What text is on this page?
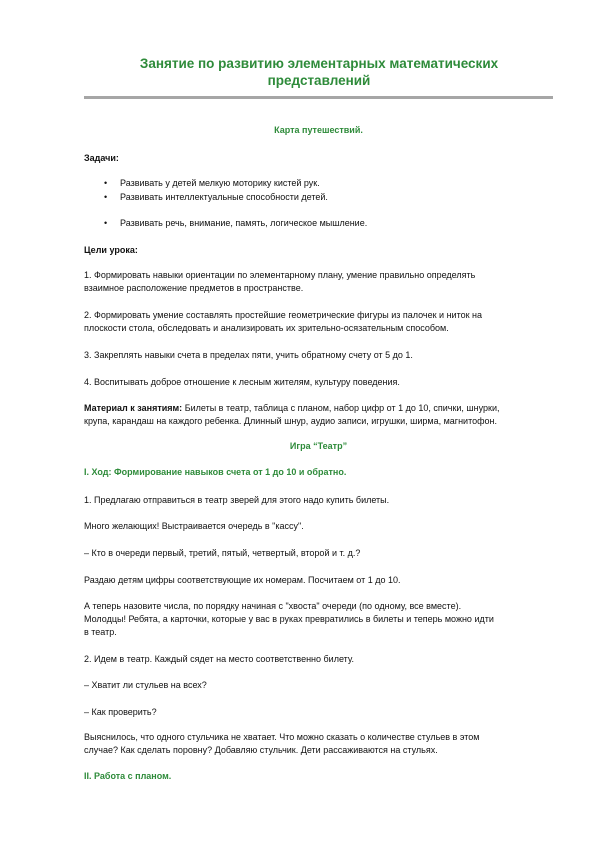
Занятие по развитию элементарных математических
представлений
Карта путешествий.
Задачи:
• Развивать у детей мелкую моторику кистей рук.
• Развивать интеллектуальные способности детей.
• Развивать речь, внимание, память, логическое мышление.
Цели урока:
1. Формировать навыки ориентации по элементарному плану, умение правильно определять
взаимное расположение предметов в пространстве.
2. Формировать умение составлять простейшие геометрические фигуры из палочек и ниток на
плоскости стола, обследовать и анализировать их зрительно-осязательным способом.
3. Закреплять навыки счета в пределах пяти, учить обратному счету от 5 до 1.
4. Воспитывать доброе отношение к лесным жителям, культуру поведения.
Материал к занятиям: Билеты в театр, таблица с планом, набор цифр от 1 до 10, спички, шнурки,
крупа, карандаш на каждого ребенка. Длинный шнур, аудио записи, игрушки, ширма, магнитофон.
Игра “Театр”
I. Ход: Формирование навыков счета от 1 до 10 и обратно.
1. Предлагаю отправиться в театр зверей для этого надо купить билеты.
Много желающих! Выстраивается очередь в "кассу".
– Кто в очереди первый, третий, пятый, четвертый, второй и т. д.?
Раздаю детям цифры соответствующие их номерам. Посчитаем от 1 до 10.
А теперь назовите числа, по порядку начиная с "хвоста" очереди (по одному, все вместе).
Молодцы! Ребята, а карточки, которые у вас в руках превратились в билеты и теперь можно идти
в театр.
2. Идем в театр. Каждый сядет на место соответственно билету.
– Хватит ли стульев на всех?
– Как проверить?
Выяснилось, что одного стульчика не хватает. Что можно сказать о количестве стульев в этом
случае? Как сделать поровну? Добавляю стульчик. Дети рассаживаются на стульях.
II. Работа с планом.
